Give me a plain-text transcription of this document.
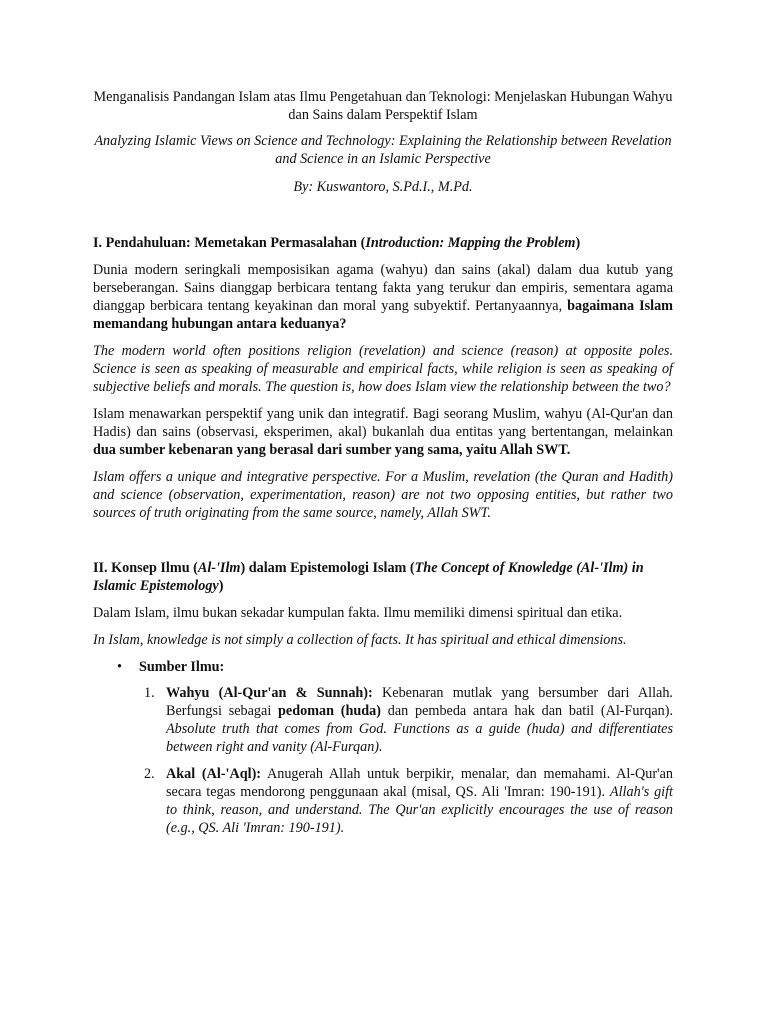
Menganalisis Pandangan Islam atas Ilmu Pengetahuan dan Teknologi: Menjelaskan Hubungan Wahyu dan Sains dalam Perspektif Islam

Analyzing Islamic Views on Science and Technology: Explaining the Relationship between Revelation and Science in an Islamic Perspective

By: Kuswantoro, S.Pd.I., M.Pd.

I. Pendahuluan: Memetakan Permasalahan (Introduction: Mapping the Problem)

Dunia modern seringkali memposisikan agama (wahyu) dan sains (akal) dalam dua kutub yang berseberangan. Sains dianggap berbicara tentang fakta yang terukur dan empiris, sementara agama dianggap berbicara tentang keyakinan dan moral yang subyektif. Pertanyaannya, bagaimana Islam memandang hubungan antara keduanya?

The modern world often positions religion (revelation) and science (reason) at opposite poles. Science is seen as speaking of measurable and empirical facts, while religion is seen as speaking of subjective beliefs and morals. The question is, how does Islam view the relationship between the two?

Islam menawarkan perspektif yang unik dan integratif. Bagi seorang Muslim, wahyu (Al-Qur'an dan Hadis) dan sains (observasi, eksperimen, akal) bukanlah dua entitas yang bertentangan, melainkan dua sumber kebenaran yang berasal dari sumber yang sama, yaitu Allah SWT.

Islam offers a unique and integrative perspective. For a Muslim, revelation (the Quran and Hadith) and science (observation, experimentation, reason) are not two opposing entities, but rather two sources of truth originating from the same source, namely, Allah SWT.

II. Konsep Ilmu (Al-'Ilm) dalam Epistemologi Islam (The Concept of Knowledge (Al-'Ilm) in Islamic Epistemology)

Dalam Islam, ilmu bukan sekadar kumpulan fakta. Ilmu memiliki dimensi spiritual dan etika.

In Islam, knowledge is not simply a collection of facts. It has spiritual and ethical dimensions.

• Sumber Ilmu:
1. Wahyu (Al-Qur'an & Sunnah): Kebenaran mutlak yang bersumber dari Allah. Berfungsi sebagai pedoman (huda) dan pembeda antara hak dan batil (Al-Furqan). Absolute truth that comes from God. Functions as a guide (huda) and differentiates between right and vanity (Al-Furqan).
2. Akal (Al-'Aql): Anugerah Allah untuk berpikir, menalar, dan memahami. Al-Qur'an secara tegas mendorong penggunaan akal (misal, QS. Ali 'Imran: 190-191). Allah's gift to think, reason, and understand. The Qur'an explicitly encourages the use of reason (e.g., QS. Ali 'Imran: 190-191).
